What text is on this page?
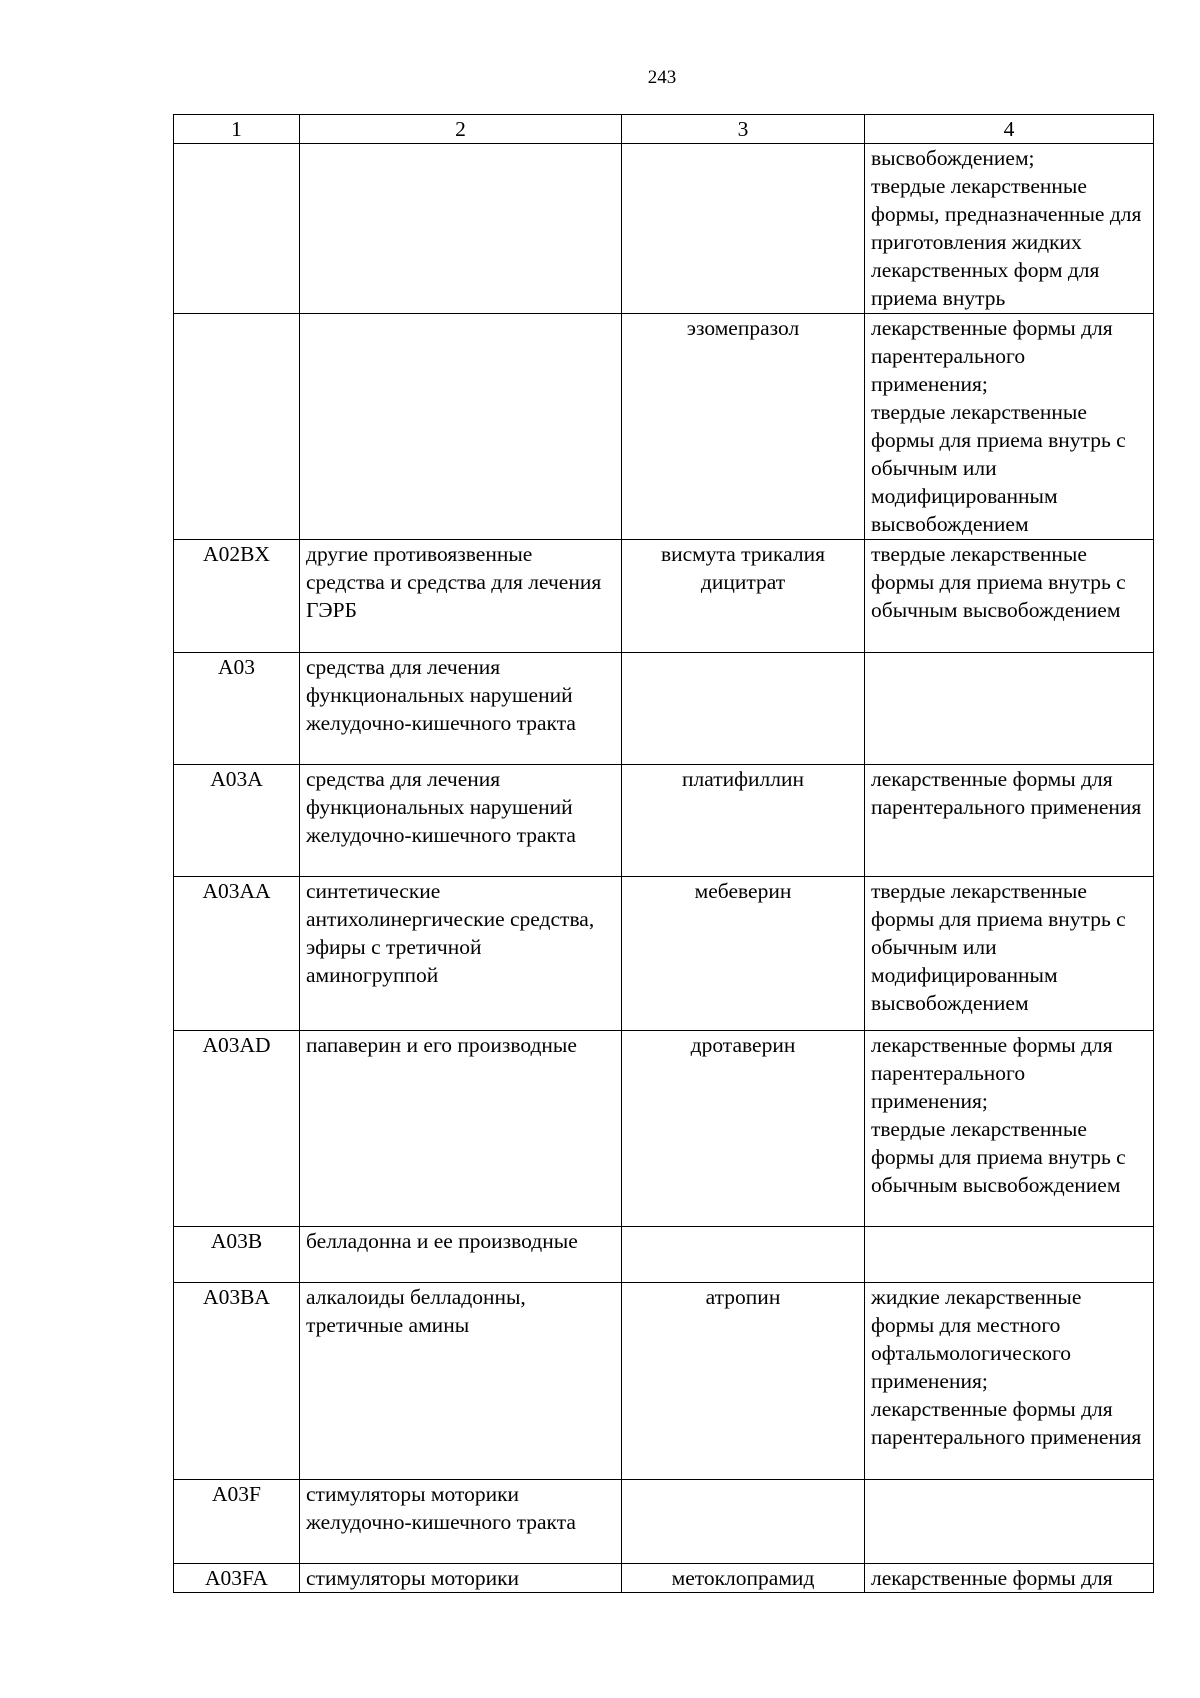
243
1	2	3	4
			высвобождением;
твердые лекарственные формы, предназначенные для приготовления жидких лекарственных форм для приема внутрь
		эзомепразол	лекарственные формы для парентерального применения;
твердые лекарственные формы для приема внутрь с обычным или модифицированным высвобождением
A02BX	другие противоязвенные средства и средства для лечения ГЭРБ	висмута трикалия дицитрат	твердые лекарственные формы для приема внутрь с обычным высвобождением
A03	средства для лечения функциональных нарушений желудочно-кишечного тракта		
A03A	средства для лечения функциональных нарушений желудочно-кишечного тракта	платифиллин	лекарственные формы для парентерального применения
A03AA	синтетические антихолинергические средства, эфиры с третичной аминогруппой	мебеверин	твердые лекарственные формы для приема внутрь с обычным или модифицированным высвобождением
A03AD	папаверин и его производные	дротаверин	лекарственные формы для парентерального применения;
твердые лекарственные формы для приема внутрь с обычным высвобождением
A03B	белладонна и ее производные		
A03BA	алкалоиды белладонны, третичные амины	атропин	жидкие лекарственные формы для местного офтальмологического применения;
лекарственные формы для парентерального применения
A03F	стимуляторы моторики желудочно-кишечного тракта		
A03FA	стимуляторы моторики	метоклопрамид	лекарственные формы для
